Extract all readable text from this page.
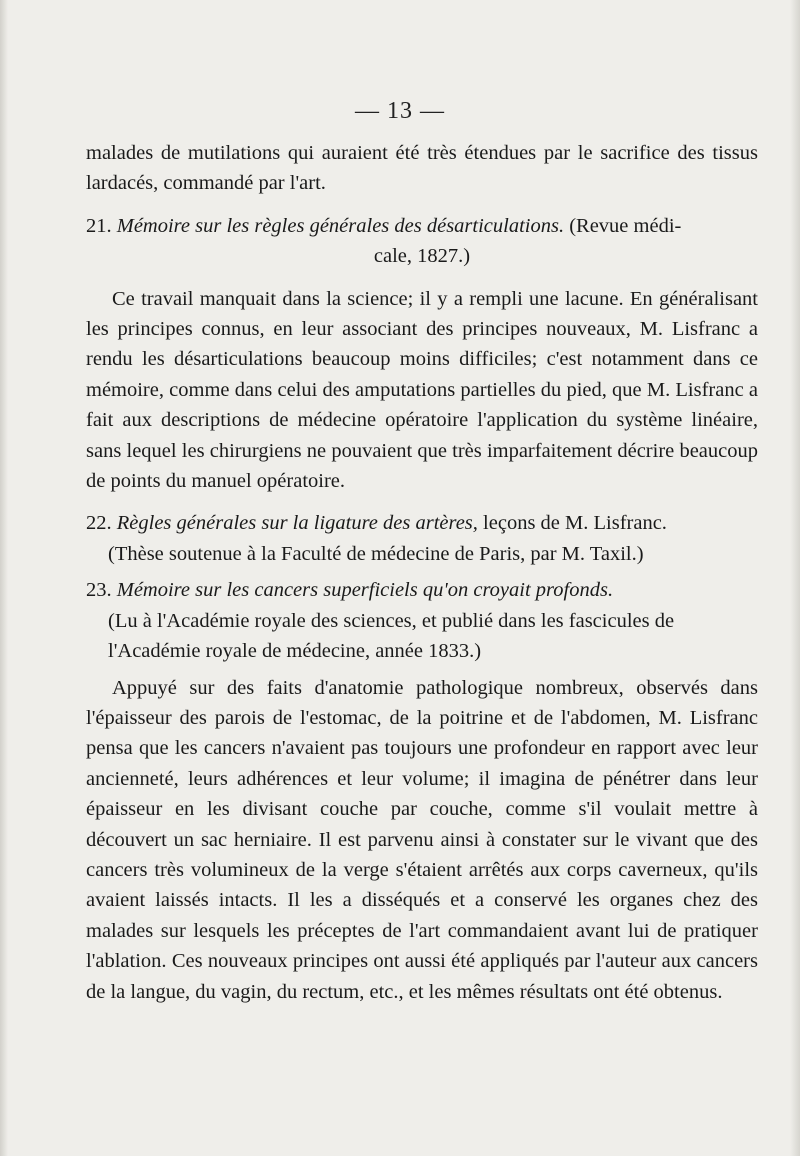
— 13 —

malades de mutilations qui auraient été très étendues par le sacrifice des tissus lardacés, commandé par l'art.

21. Mémoire sur les règles générales des désarticulations. (Revue médi-

cale, 1827.)

Ce travail manquait dans la science; il y a rempli une lacune. En généralisant les principes connus, en leur associant des principes nouveaux, M. Lisfranc a rendu les désarticulations beaucoup moins difficiles; c'est notamment dans ce mémoire, comme dans celui des amputations partielles du pied, que M. Lisfranc a fait aux descriptions de médecine opératoire l'application du système linéaire, sans lequel les chirurgiens ne pouvaient que très imparfaitement décrire beaucoup de points du manuel opératoire.

22. Règles générales sur la ligature des artères, leçons de M. Lisfranc.

(Thèse soutenue à la Faculté de médecine de Paris, par M. Taxil.)

23. Mémoire sur les cancers superficiels qu'on croyait profonds.

(Lu à l'Académie royale des sciences, et publié dans les fascicules de

l'Académie royale de médecine, année 1833.)

Appuyé sur des faits d'anatomie pathologique nombreux, observés dans l'épaisseur des parois de l'estomac, de la poitrine et de l'abdomen, M. Lisfranc pensa que les cancers n'avaient pas toujours une profondeur en rapport avec leur ancienneté, leurs adhérences et leur volume; il imagina de pénétrer dans leur épaisseur en les divisant couche par couche, comme s'il voulait mettre à découvert un sac herniaire. Il est parvenu ainsi à constater sur le vivant que des cancers très volumineux de la verge s'étaient arrêtés aux corps caverneux, qu'ils avaient laissés intacts. Il les a disséqués et a conservé les organes chez des malades sur lesquels les préceptes de l'art commandaient avant lui de pratiquer l'ablation. Ces nouveaux principes ont aussi été appliqués par l'auteur aux cancers de la langue, du vagin, du rectum, etc., et les mêmes résultats ont été obtenus.
